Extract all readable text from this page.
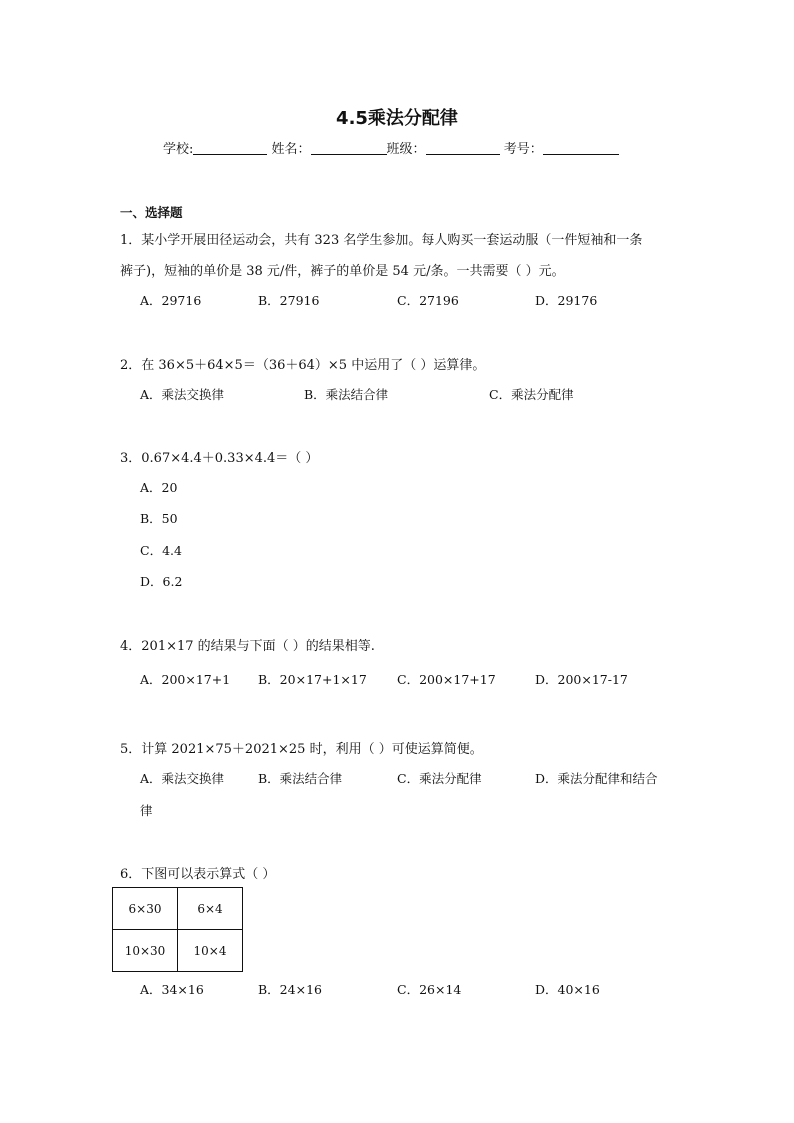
4.5乘法分配律
学校:	姓名：	班级：	考号：
一、选择题
1．某小学开展田径运动会，共有 323 名学生参加。每人购买一套运动服（一件短袖和一条
裤子)，短袖的单价是 38 元/件，裤子的单价是 54 元/条。一共需要（ ）元。
A．29716	B．27916	C．27196	D．29176
2．在 36×5＋64×5＝（36＋64）×5 中运用了（ ）运算律。
A．乘法交换律	B．乘法结合律	C．乘法分配律
3．0.67×4.4＋0.33×4.4＝（ ）
A．20
B．50
C．4.4
D．6.2
4．201×17 的结果与下面（ ）的结果相等.
A．200×17+1 B．20×17+1×17 C．200×17+17	D．200×17-17
5．计算 2021×75＋2021×25 时，利用（ ）可使运算简便。
A．乘法交换律	B．乘法结合律	C．乘法分配律	D．乘法分配律和结合
律
6．下图可以表示算式（ ）
6×30	6×4
10×30	10×4
A．34×16	B．24×16	C．26×14	D．40×16
